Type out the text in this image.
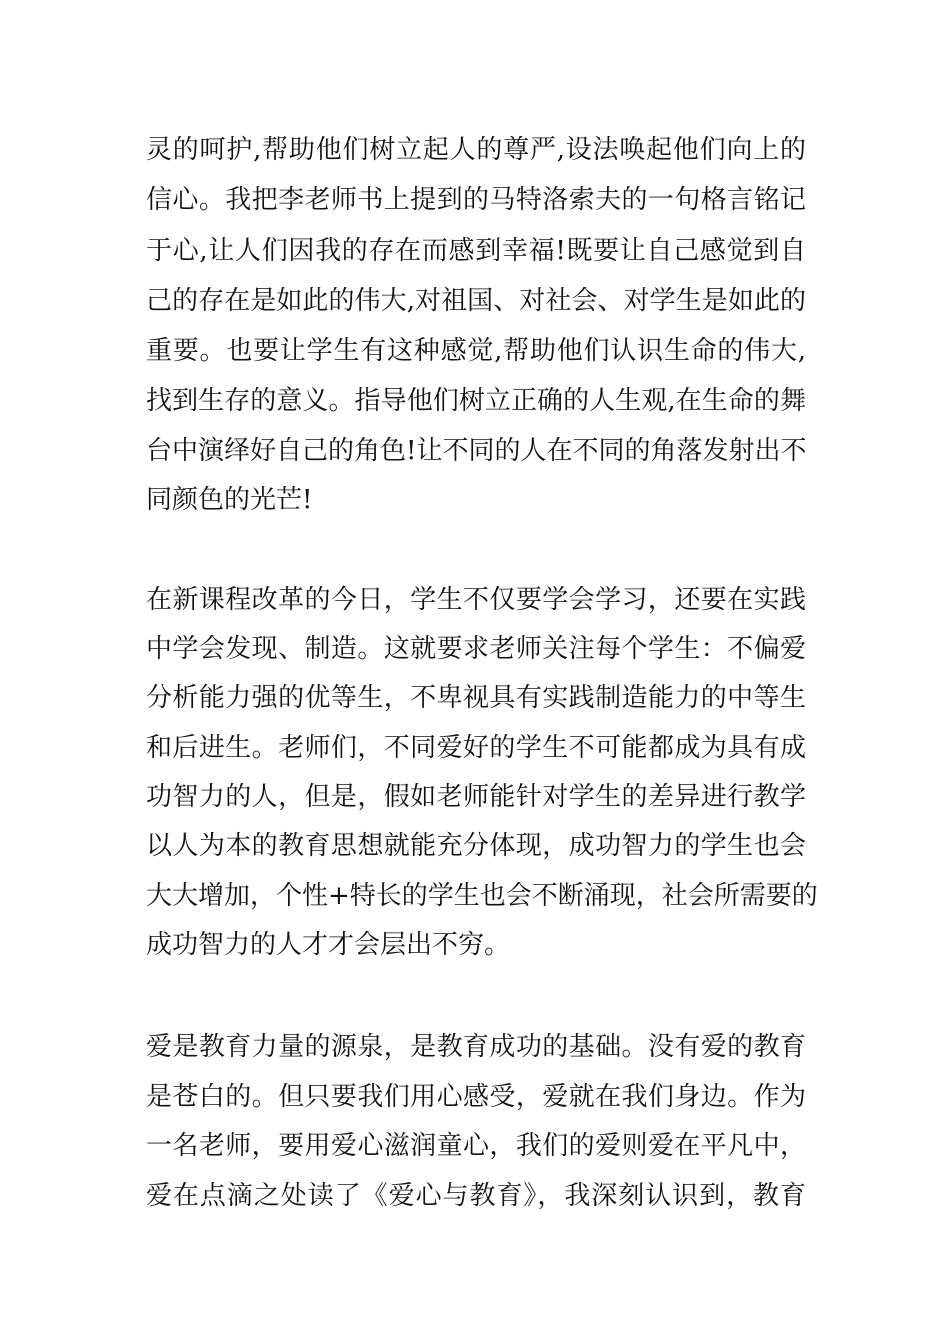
灵的呵护,帮助他们树立起人的尊严,设法唤起他们向上的
信心。我把李老师书上提到的马特洛索夫的一句格言铭记
于心,让人们因我的存在而感到幸福!既要让自己感觉到自
己的存在是如此的伟大,对祖国、对社会、对学生是如此的
重要。也要让学生有这种感觉,帮助他们认识生命的伟大,
找到生存的意义。指导他们树立正确的人生观,在生命的舞
台中演绎好自己的角色!让不同的人在不同的角落发射出不
同颜色的光芒!
在新课程改革的今日，学生不仅要学会学习，还要在实践
中学会发现、制造。这就要求老师关注每个学生：不偏爱
分析能力强的优等生，不卑视具有实践制造能力的中等生
和后进生。老师们，不同爱好的学生不可能都成为具有成
功智力的人，但是，假如老师能针对学生的差异进行教学
以人为本的教育思想就能充分体现，成功智力的学生也会
大大增加，个性+特长的学生也会不断涌现，社会所需要的
成功智力的人才才会层出不穷。
爱是教育力量的源泉，是教育成功的基础。没有爱的教育
是苍白的。但只要我们用心感受，爱就在我们身边。作为
一名老师，要用爱心滋润童心，我们的爱则爱在平凡中，
爱在点滴之处读了《爱心与教育》，我深刻认识到，教育
